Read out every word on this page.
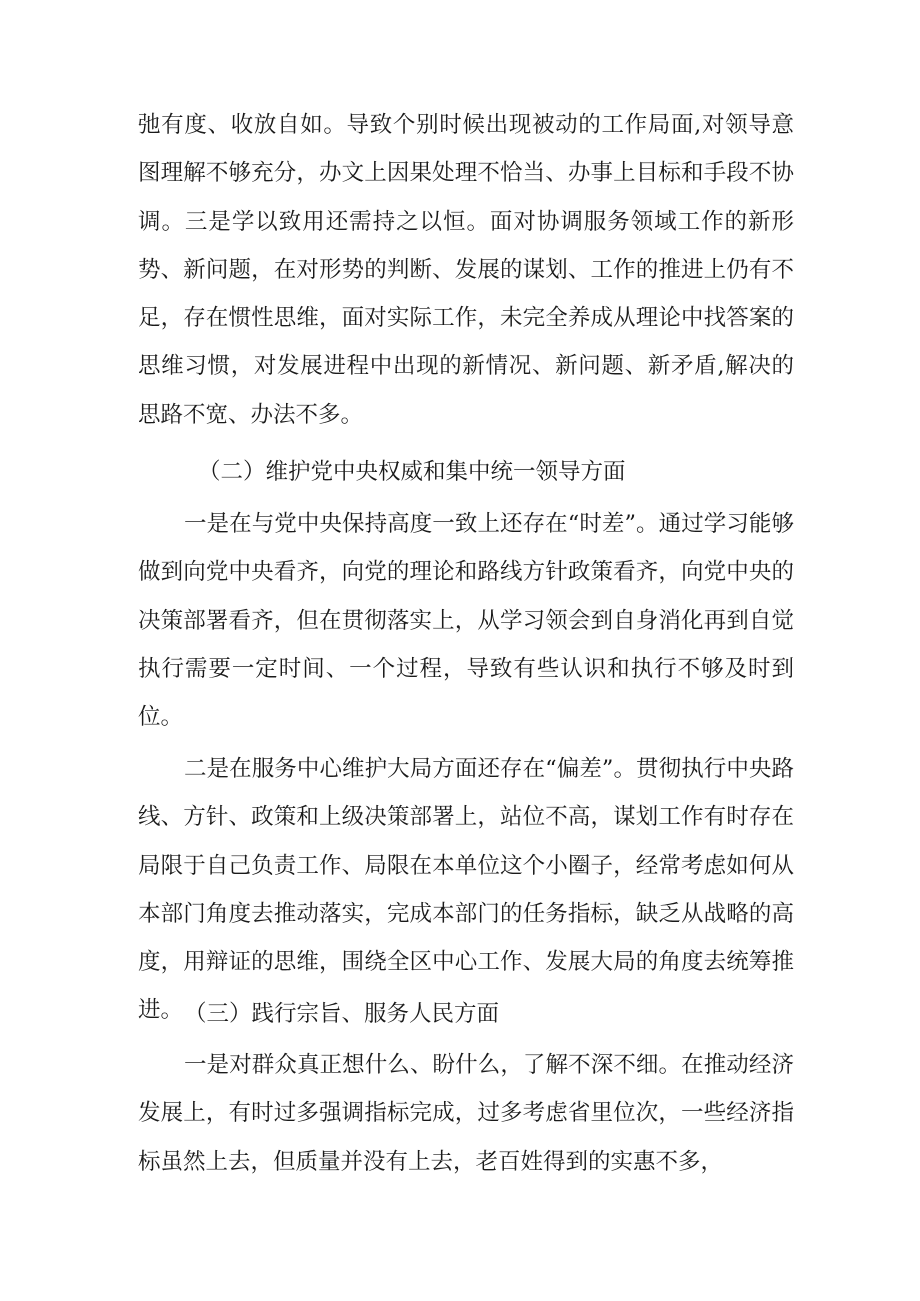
弛有度、收放自如。导致个别时候出现被动的工作局面,对领导意图理解不够充分，办文上因果处理不恰当、办事上目标和手段不协调。三是学以致用还需持之以恒。面对协调服务领域工作的新形势、新问题，在对形势的判断、发展的谋划、工作的推进上仍有不足，存在惯性思维，面对实际工作，未完全养成从理论中找答案的思维习惯，对发展进程中出现的新情况、新问题、新矛盾,解决的思路不宽、办法不多。

（二）维护党中央权威和集中统一领导方面

一是在与党中央保持高度一致上还存在“时差”。通过学习能够做到向党中央看齐，向党的理论和路线方针政策看齐，向党中央的决策部署看齐，但在贯彻落实上，从学习领会到自身消化再到自觉执行需要一定时间、一个过程，导致有些认识和执行不够及时到位。

二是在服务中心维护大局方面还存在“偏差”。贯彻执行中央路线、方针、政策和上级决策部署上，站位不高，谋划工作有时存在局限于自己负责工作、局限在本单位这个小圈子，经常考虑如何从本部门角度去推动落实，完成本部门的任务指标，缺乏从战略的高度，用辩证的思维，围绕全区中心工作、发展大局的角度去统筹推进。 （三）践行宗旨、服务人民方面

一是对群众真正想什么、盼什么，了解不深不细。在推动经济发展上，有时过多强调指标完成，过多考虑省里位次，一些经济指标虽然上去，但质量并没有上去，老百姓得到的实惠不多，
